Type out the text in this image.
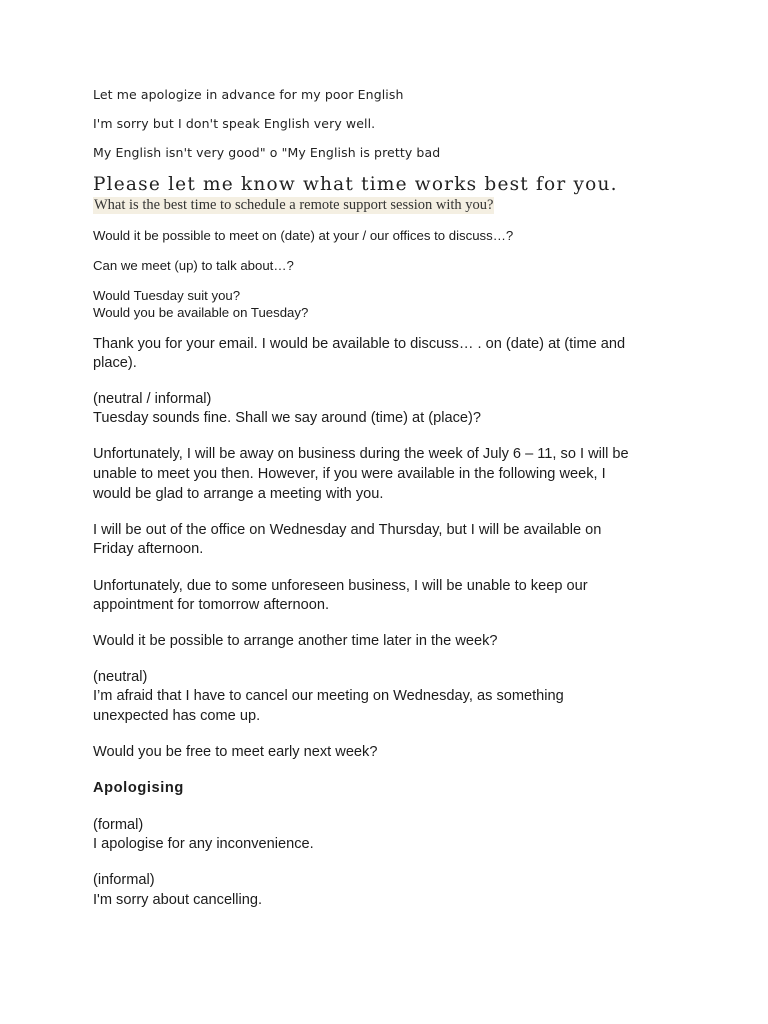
Let me apologize in advance for my poor English

I'm sorry but I don't speak English very well.

My English isn't very good" o "My English is pretty bad

Please let me know what time works best for you.

What is the best time to schedule a remote support session with you?

Would it be possible to meet on (date) at your / our offices to discuss…?

Can we meet (up) to talk about…?

Would Tuesday suit you?

Would you be available on Tuesday?

Thank you for your email. I would be available to discuss… . on (date) at (time and

place).

(neutral / informal)

Tuesday sounds fine. Shall we say around (time) at (place)?

Unfortunately, I will be away on business during the week of July 6 – 11, so I will be

unable to meet you then. However, if you were available in the following week, I

would be glad to arrange a meeting with you.

I will be out of the office on Wednesday and Thursday, but I will be available on

Friday afternoon.

Unfortunately, due to some unforeseen business, I will be unable to keep our

appointment for tomorrow afternoon.

Would it be possible to arrange another time later in the week?

(neutral)

I’m afraid that I have to cancel our meeting on Wednesday, as something

unexpected has come up.

Would you be free to meet early next week?

Apologising

(formal)

I apologise for any inconvenience.

(informal)

I'm sorry about cancelling.
